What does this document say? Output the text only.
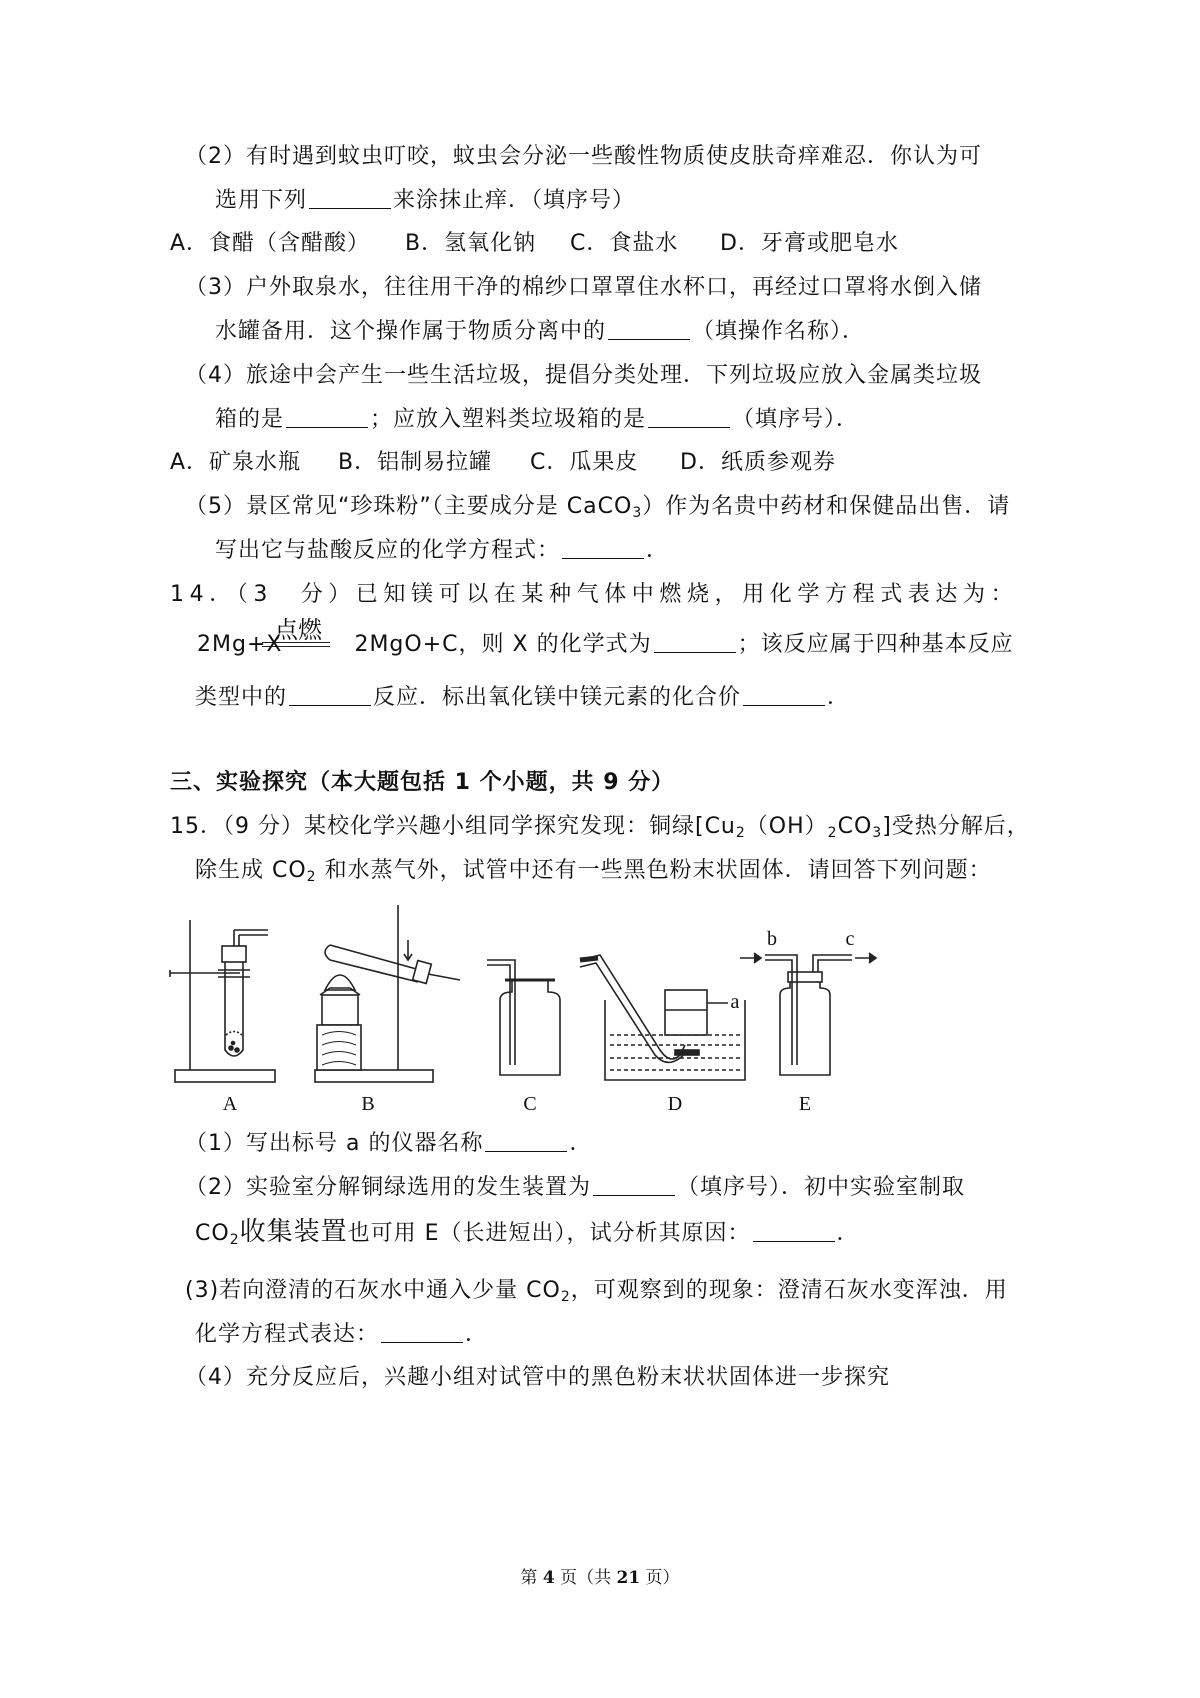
（2）有时遇到蚊虫叮咬，蚊虫会分泌一些酸性物质使皮肤奇痒难忍．你认为可
选用下列	来涂抹止痒．（填序号）
A．食醋（含醋酸） B．氢氧化钠 C．食盐水 D．牙膏或肥皂水
（3）户外取泉水，往往用干净的棉纱口罩罩住水杯口，再经过口罩将水倒入储
水罐备用．这个操作属于物质分离中的	（填操作名称）．
（4）旅途中会产生一些生活垃圾，提倡分类处理．下列垃圾应放入金属类垃圾
箱的是	；应放入塑料类垃圾箱的是	（填序号）．
A．矿泉水瓶 B．铝制易拉罐 C．瓜果皮 D．纸质参观券
（5）景区常见“珍珠粉”（主要成分是 CaCO$_3$）作为名贵中药材和保健品出售．请
写出它与盐酸反应的化学方程式：	．
14．（3　分）已知镁可以在某种气体中燃烧，用化学方程式表达为：
点燃
2Mg+X	2MgO+C，则 X 的化学式为	；该反应属于四种基本反应
类型中的	反应．标出氧化镁中镁元素的化合价	．
三、实验探究（本大题包括 1 个小题，共 9 分）
15．（9 分）某校化学兴趣小组同学探究发现：铜绿$[Cu_2(OH)_2CO_3]$受热分解后，
除生成 $CO_2$ 和水蒸气外，试管中还有一些黑色粉末状固体．请回答下列问题：
A	B	C	D	E
a
b	c
（1）写出标号 a 的仪器名称	．
（2）实验室分解铜绿选用的发生装置为	（填序号）．初中实验室制取
$CO_2$收集装置也可用 E（长进短出），试分析其原因：	．
(3)若向澄清的石灰水中通入少量 $CO_2$，可观察到的现象：澄清石灰水变浑浊．用
化学方程式表达：	．
（4）充分反应后，兴趣小组对试管中的黑色粉末状状固体进一步探究
第 4 页（共 21 页）
